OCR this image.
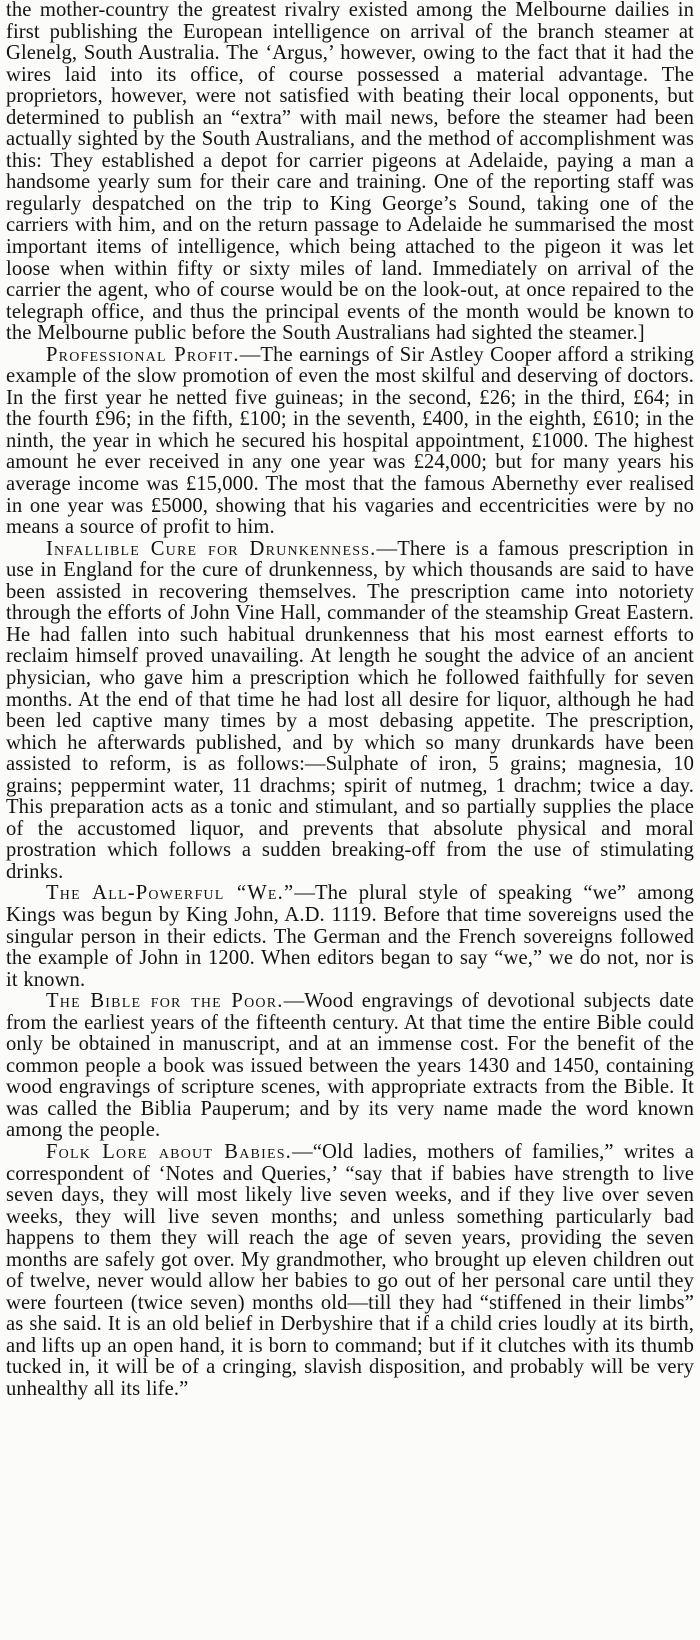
the mother-country the greatest rivalry existed among the Melbourne dailies in first publishing the European intelligence on arrival of the branch steamer at Glenelg, South Australia. The ‘Argus,’ however, owing to the fact that it had the wires laid into its office, of course possessed a material advantage. The proprietors, however, were not satisfied with beating their local opponents, but determined to publish an “extra” with mail news, before the steamer had been actually sighted by the South Australians, and the method of accomplishment was this: They established a depot for carrier pigeons at Adelaide, paying a man a handsome yearly sum for their care and training. One of the reporting staff was regularly despatched on the trip to King George’s Sound, taking one of the carriers with him, and on the return passage to Adelaide he summarised the most important items of intelligence, which being attached to the pigeon it was let loose when within fifty or sixty miles of land. Immediately on arrival of the carrier the agent, who of course would be on the look-out, at once repaired to the telegraph office, and thus the principal events of the month would be known to the Melbourne public before the South Australians had sighted the steamer.]

Professional Profit.—The earnings of Sir Astley Cooper afford a striking example of the slow promotion of even the most skilful and deserving of doctors. In the first year he netted five guineas; in the second, £26; in the third, £64; in the fourth £96; in the fifth, £100; in the seventh, £400, in the eighth, £610; in the ninth, the year in which he secured his hospital appointment, £1000. The highest amount he ever received in any one year was £24,000; but for many years his average income was £15,000. The most that the famous Abernethy ever realised in one year was £5000, showing that his vagaries and eccentricities were by no means a source of profit to him.

Infallible Cure for Drunkenness.—There is a famous prescription in use in England for the cure of drunkenness, by which thousands are said to have been assisted in recovering themselves. The prescription came into notoriety through the efforts of John Vine Hall, commander of the steamship Great Eastern. He had fallen into such habitual drunkenness that his most earnest efforts to reclaim himself proved unavailing. At length he sought the advice of an ancient physician, who gave him a prescription which he followed faithfully for seven months. At the end of that time he had lost all desire for liquor, although he had been led captive many times by a most debasing appetite. The prescription, which he afterwards published, and by which so many drunkards have been assisted to reform, is as follows:—Sulphate of iron, 5 grains; magnesia, 10 grains; peppermint water, 11 drachms; spirit of nutmeg, 1 drachm; twice a day. This preparation acts as a tonic and stimulant, and so partially supplies the place of the accustomed liquor, and prevents that absolute physical and moral prostration which follows a sudden breaking-off from the use of stimulating drinks.

The All-Powerful “We.”—The plural style of speaking “we” among Kings was begun by King John, A.D. 1119. Before that time sovereigns used the singular person in their edicts. The German and the French sovereigns followed the example of John in 1200. When editors began to say “we,” we do not, nor is it known.

The Bible for the Poor.—Wood engravings of devotional subjects date from the earliest years of the fifteenth century. At that time the entire Bible could only be obtained in manuscript, and at an immense cost. For the benefit of the common people a book was issued between the years 1430 and 1450, containing wood engravings of scripture scenes, with appropriate extracts from the Bible. It was called the Biblia Pauperum; and by its very name made the word known among the people.

Folk Lore about Babies.—“Old ladies, mothers of families,” writes a correspondent of ‘Notes and Queries,’ “say that if babies have strength to live seven days, they will most likely live seven weeks, and if they live over seven weeks, they will live seven months; and unless something particularly bad happens to them they will reach the age of seven years, providing the seven months are safely got over. My grandmother, who brought up eleven children out of twelve, never would allow her babies to go out of her personal care until they were fourteen (twice seven) months old—till they had “stiffened in their limbs” as she said. It is an old belief in Derbyshire that if a child cries loudly at its birth, and lifts up an open hand, it is born to command; but if it clutches with its thumb tucked in, it will be of a cringing, slavish disposition, and probably will be very unhealthy all its life.”
